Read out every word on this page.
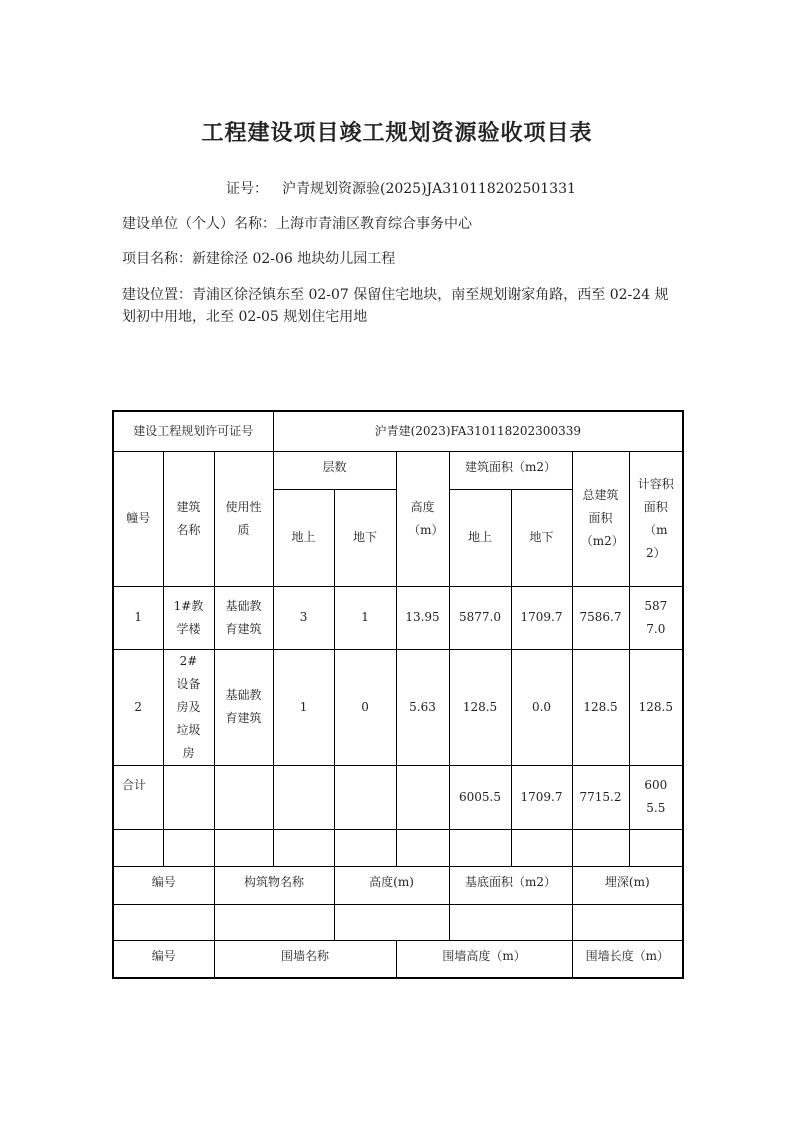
工程建设项目竣工规划资源验收项目表
证号： 沪青规划资源验(2025)JA310118202501331
建设单位（个人）名称：上海市青浦区教育综合事务中心
项目名称：新建徐泾 02-06 地块幼儿园工程
建设位置：青浦区徐泾镇东至 02-07 保留住宅地块，南至规划谢家角路，西至 02-24 规划初中用地，北至 02-05 规划住宅用地
建设工程规划许可证号			沪青建(2023)FA310118202300339						
幢号	建筑名称	使用性质	层数		高度（m）	建筑面积（m2）		总建筑面积（m2）	计容积面积（m2）
			地上	地下		地上	地下		
1	1#教学楼	基础教育建筑	3	1	13.95	5877.0	1709.7	7586.7	5877.0
2	2#设备房及垃圾房	基础教育建筑	1	0	5.63	128.5	0.0	128.5	128.5
合计						6005.5	1709.7	7715.2	6005.5

编号		构筑物名称		高度(m)		基底面积（m2）		埋深(m)	

编号		围墙名称			围墙高度（m）			围墙长度（m）	
